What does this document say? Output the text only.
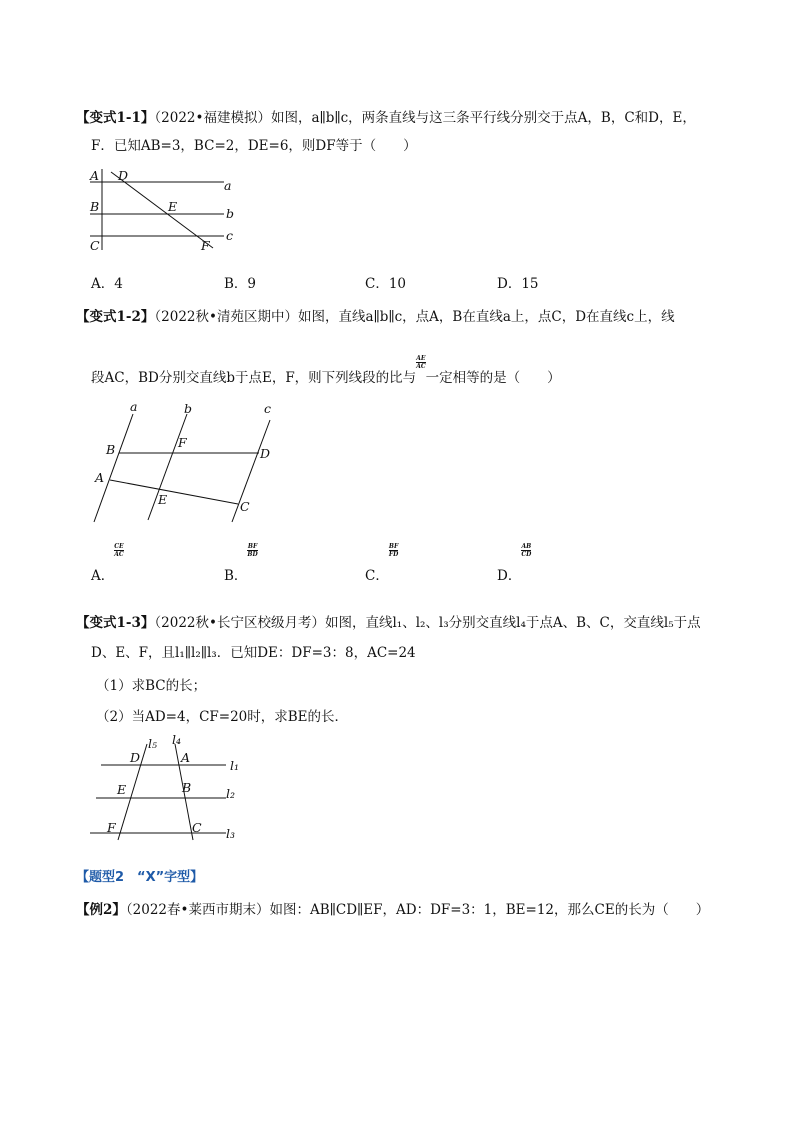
【变式1-1】（2022•福建模拟）如图，a∥b∥c，两条直线与这三条平行线分别交于点A，B，C和D，E，
F．已知AB=3，BC=2，DE=6，则DF等于（　　）
A D
B	E
C	F
a
b
c
A．4	B．9	C．10	D．15
【变式1-2】（2022秋•清苑区期中）如图，直线a∥b∥c，点A，B在直线a上，点C，D在直线c上，线
段AC，BD分别交直线b于点E，F，则下列线段的比与$\frac{AE}{AC}$
一定相等的是（　　）
a	b	c
B	F
D
A
E	C
A．$\frac{CE}{AC}$
B．$\frac{BF}{BD}$
C．$\frac{BF}{FD}$
D．$\frac{AB}{CD}$
【变式1-3】（2022秋•长宁区校级月考）如图，直线l₁、l₂、l₃分别交直线l₄于点A、B、C，交直线l₅于点
D、E、F，且l₁∥l₂∥l₃．已知DE：DF=3：8，AC=24
（1）求BC的长；
（2）当AD=4，CF=20时，求BE的长．
D
l₅ l₄
A
l₁
E	B	l₂
F	C l₃
【题型2　“X”字型】
【例2】（2022春•莱西市期末）如图：AB∥CD∥EF，AD：DF=3：1，BE=12，那么CE的长为（　　）
